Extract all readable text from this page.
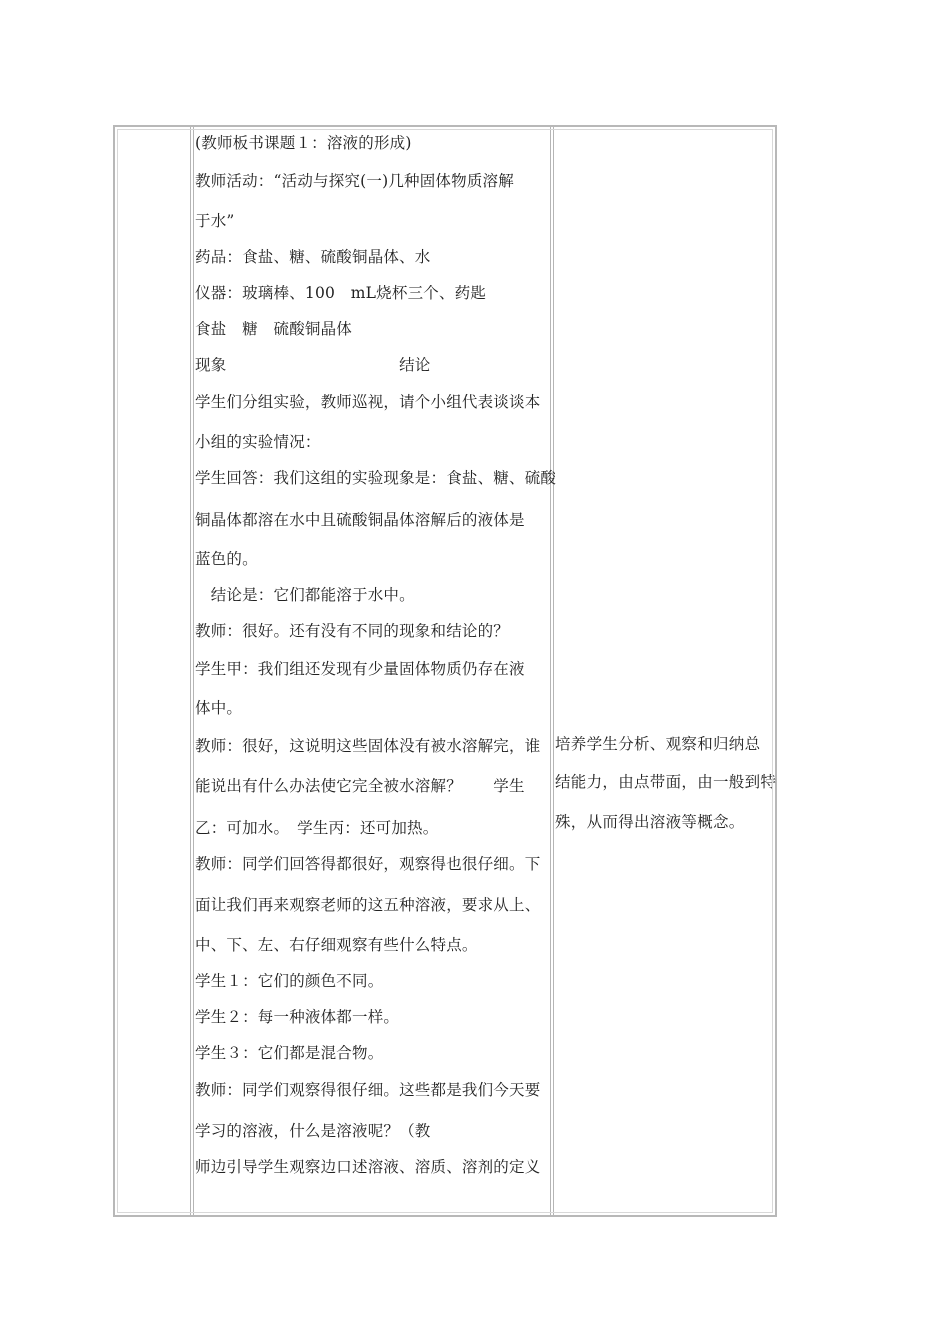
(教师板书课题１：溶液的形成)
教师活动：“活动与探究(一)几种固体物质溶解
于水”
药品：食盐、糖、硫酸铜晶体、水
仪器：玻璃棒、100　mL烧杯三个、药匙
食盐　糖　硫酸铜晶体
现象　　　　　　　　　　　结论
学生们分组实验，教师巡视，请个小组代表谈谈本
小组的实验情况：
学生回答：我们这组的实验现象是：食盐、糖、硫酸
铜晶体都溶在水中且硫酸铜晶体溶解后的液体是
蓝色的。
　结论是：它们都能溶于水中。
教师：很好。还有没有不同的现象和结论的？
学生甲：我们组还发现有少量固体物质仍存在液
体中。
教师：很好，这说明这些固体没有被水溶解完，谁
能说出有什么办法使它完全被水溶解？　　学生
乙：可加水。　学生丙：还可加热。
教师：同学们回答得都很好，观察得也很仔细。下
面让我们再来观察老师的这五种溶液，要求从上、
中、下、左、右仔细观察有些什么特点。
学生１：它们的颜色不同。
学生２：每一种液体都一样。
学生３：它们都是混合物。
教师：同学们观察得很仔细。这些都是我们今天要
学习的溶液，什么是溶液呢？（教
师边引导学生观察边口述溶液、溶质、溶剂的定义
培养学生分析、观察和归纳总
结能力，由点带面，由一般到特
殊，从而得出溶液等概念。
